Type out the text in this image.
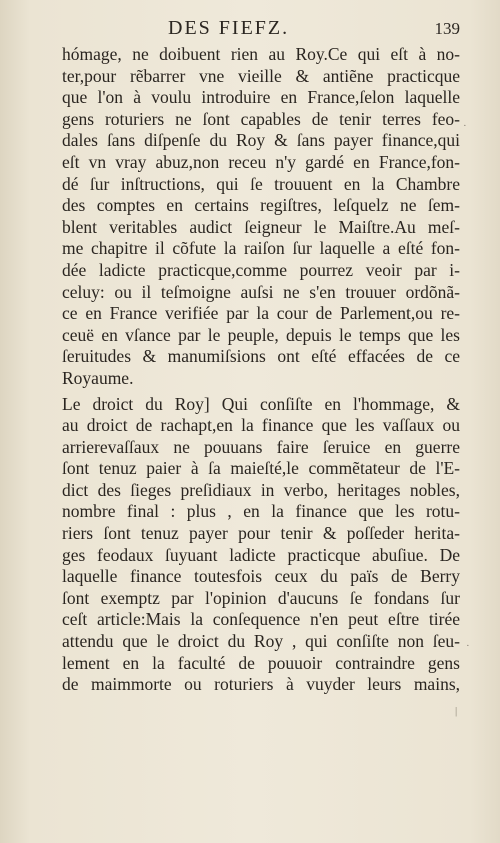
DES FIEFZ.	139
hómage, ne doibuent rien au Roy.Ce qui eſt à no-
ter,pour rẽbarrer vne vieille & antiẽne practicque
que l'on à voulu introduire en France,ſelon laquelle
gens roturiers ne ſont capables de tenir terres feo-
dales ſans diſpenſe du Roy & ſans payer finance,qui
eſt vn vray abuz,non receu n'y gardé en France,fon-
dé ſur inſtructions, qui ſe trouuent en la Chambre
des comptes en certains regiſtres, leſquelz ne ſem-
blent veritables audict ſeigneur le Maiſtre.Au meſ-
me chapitre il cõfute la raiſon ſur laquelle a eſté fon-
dée ladicte practicque,comme pourrez veoir par i-
celuy: ou il teſmoigne auſsi ne s'en trouuer ordõnã-
ce en France verifiée par la cour de Parlement,ou re-
ceuë en vſance par le peuple, depuis le temps que les
ſeruitudes & manumiſsions ont eſté effacées de ce
Royaume.
Le droict du Roy] Qui conſiſte en l'hommage, &
au droict de rachapt,en la finance que les vaſſaux ou
arrierevaſſaux ne pouuans faire ſeruice en guerre
ſont tenuz paier à ſa maieſté,le commẽtateur de l'E-
dict des ſieges preſidiaux in verbo, heritages nobles,
nombre final : plus , en la finance que les rotu-
riers ſont tenuz payer pour tenir & poſſeder herita-
ges feodaux ſuyuant ladicte practicque abuſiue. De
laquelle finance toutesfois ceux du païs de Berry
ſont exemptz par l'opinion d'aucuns ſe fondans ſur
ceſt article:Mais la conſequence n'en peut eſtre tirée
attendu que le droict du Roy , qui conſiſte non ſeu-
lement en la faculté de pouuoir contraindre gens
de maimmorte ou roturiers à vuyder leurs mains,
·
·
|
